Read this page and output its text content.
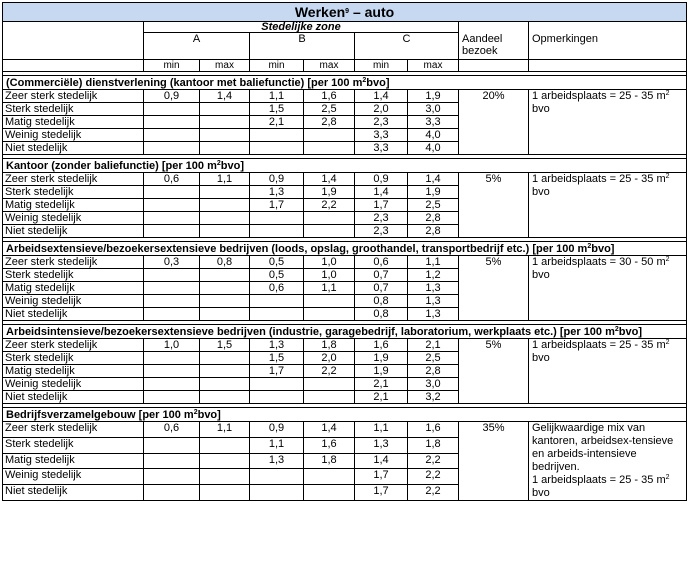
Werken$^9$ – auto								
	Stedelijke zone							
	A		B		C		Aandeel bezoek	Opmerkingen
	min	max	min	max	min	max		

(Commerciële) dienstverlening (kantoor met baliefunctie) [per 100 $m^2bvo$]								
Zeer sterk stedelijk	0,9	1,4	1,1	1,6	1,4	1,9	20%	1 arbeidsplaats = 25 - 35 $m^2$ bvo

Sterk stedelijk			1,5	2,5	2,0	3,0		
Matig stedelijk			2,1	2,8	2,3	3,3		
Weinig stedelijk					3,3	4,0		
Niet stedelijk					3,3	4,0		

Kantoor (zonder baliefunctie) [per 100 $m^2bvo$]								
Zeer sterk stedelijk	0,6	1,1	0,9	1,4	0,9	1,4	5%	1 arbeidsplaats = 25 - 35 $m^2$ bvo

Sterk stedelijk			1,3	1,9	1,4	1,9		
Matig stedelijk			1,7	2,2	1,7	2,5		
Weinig stedelijk					2,3	2,8		
Niet stedelijk					2,3	2,8		

Arbeidsextensieve/bezoekersextensieve bedrijven (loods, opslag, groothandel, transportbedrijf etc.) [per 100 $m^2bvo$]								
Zeer sterk stedelijk	0,3	0,8	0,5	1,0	0,6	1,1	5%	1 arbeidsplaats = 30 - 50 $m^2$ bvo

Sterk stedelijk			0,5	1,0	0,7	1,2		
Matig stedelijk			0,6	1,1	0,7	1,3		
Weinig stedelijk					0,8	1,3		
Niet stedelijk					0,8	1,3		

Arbeidsintensieve/bezoekersextensieve bedrijven (industrie, garagebedrijf, laboratorium, werkplaats etc.) [per 100 $m^2bvo$]								
Zeer sterk stedelijk	1,0	1,5	1,3	1,8	1,6	2,1	5%	1 arbeidsplaats = 25 - 35 $m^2$ bvo

Sterk stedelijk			1,5	2,0	1,9	2,5		
Matig stedelijk			1,7	2,2	1,9	2,8		
Weinig stedelijk					2,1	3,0		
Niet stedelijk					2,1	3,2		

Bedrijfsverzamelgebouw [per 100 $m^2bvo$]								
Zeer sterk stedelijk	0,6	1,1	0,9	1,4	1,1	1,6	35%	Gelijkwaardige mix van kantoren, arbeidsex-tensieve en arbeids-intensieve bedrijven.
1 arbeidsplaats = 25 - 35 $m^2$ bvo

Sterk stedelijk			1,1	1,6	1,3	1,8		
Matig stedelijk			1,3	1,8	1,4	2,2		
Weinig stedelijk					1,7	2,2		
Niet stedelijk					1,7	2,2		
